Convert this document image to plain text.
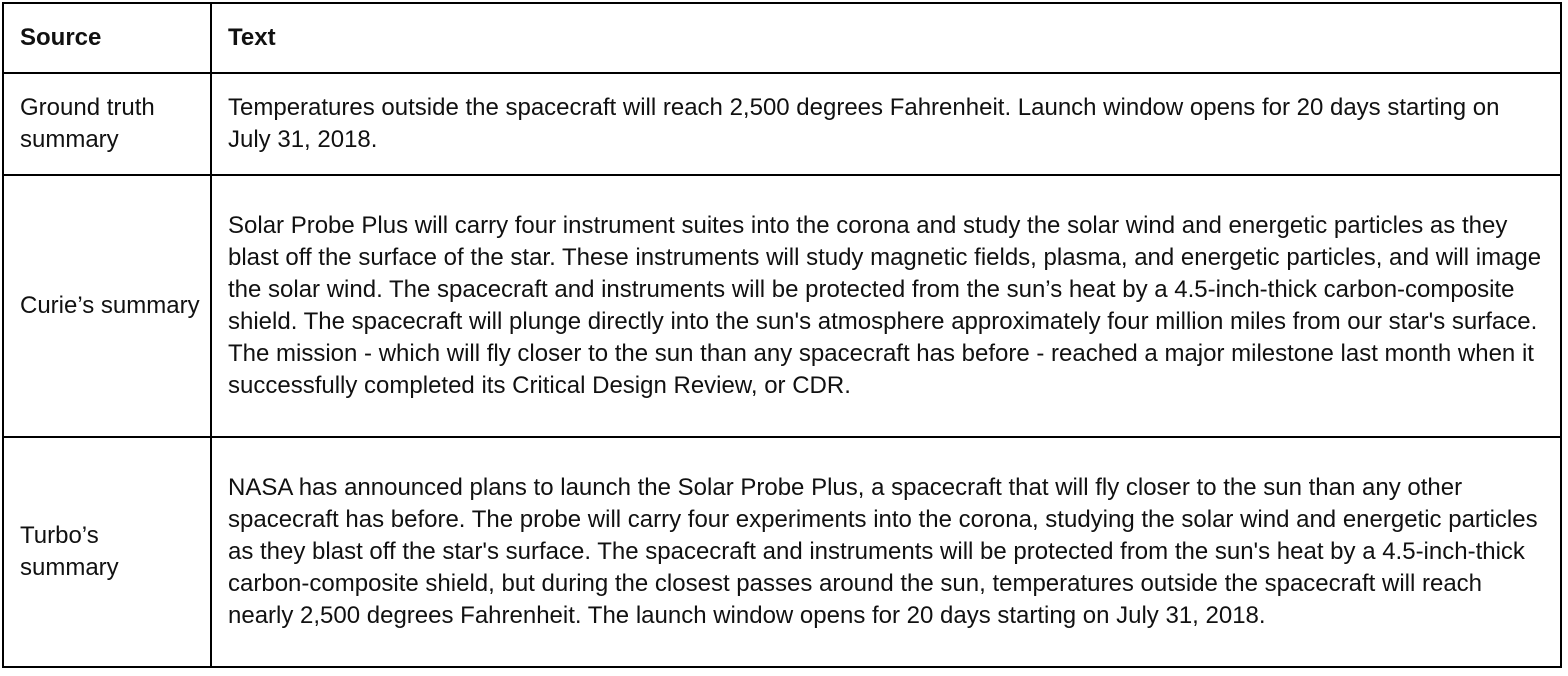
Source	Text
Ground truth summary
Temperatures outside the spacecraft will reach 2,500 degrees Fahrenheit. Launch window opens for 20 days starting on July 31, 2018.
Curie’s summary
Solar Probe Plus will carry four instrument suites into the corona and study the solar wind and energetic particles as they blast off the surface of the star. These instruments will study magnetic fields, plasma, and energetic particles, and will image the solar wind. The spacecraft and instruments will be protected from the sun’s heat by a 4.5-inch-thick carbon-composite shield. The spacecraft will plunge directly into the sun's atmosphere approximately four million miles from our star's surface. The mission - which will fly closer to the sun than any spacecraft has before - reached a major milestone last month when it successfully completed its Critical Design Review, or CDR.
Turbo’s summary
NASA has announced plans to launch the Solar Probe Plus, a spacecraft that will fly closer to the sun than any other spacecraft has before. The probe will carry four experiments into the corona, studying the solar wind and energetic particles as they blast off the star's surface. The spacecraft and instruments will be protected from the sun's heat by a 4.5-inch-thick carbon-composite shield, but during the closest passes around the sun, temperatures outside the spacecraft will reach nearly 2,500 degrees Fahrenheit. The launch window opens for 20 days starting on July 31, 2018.
